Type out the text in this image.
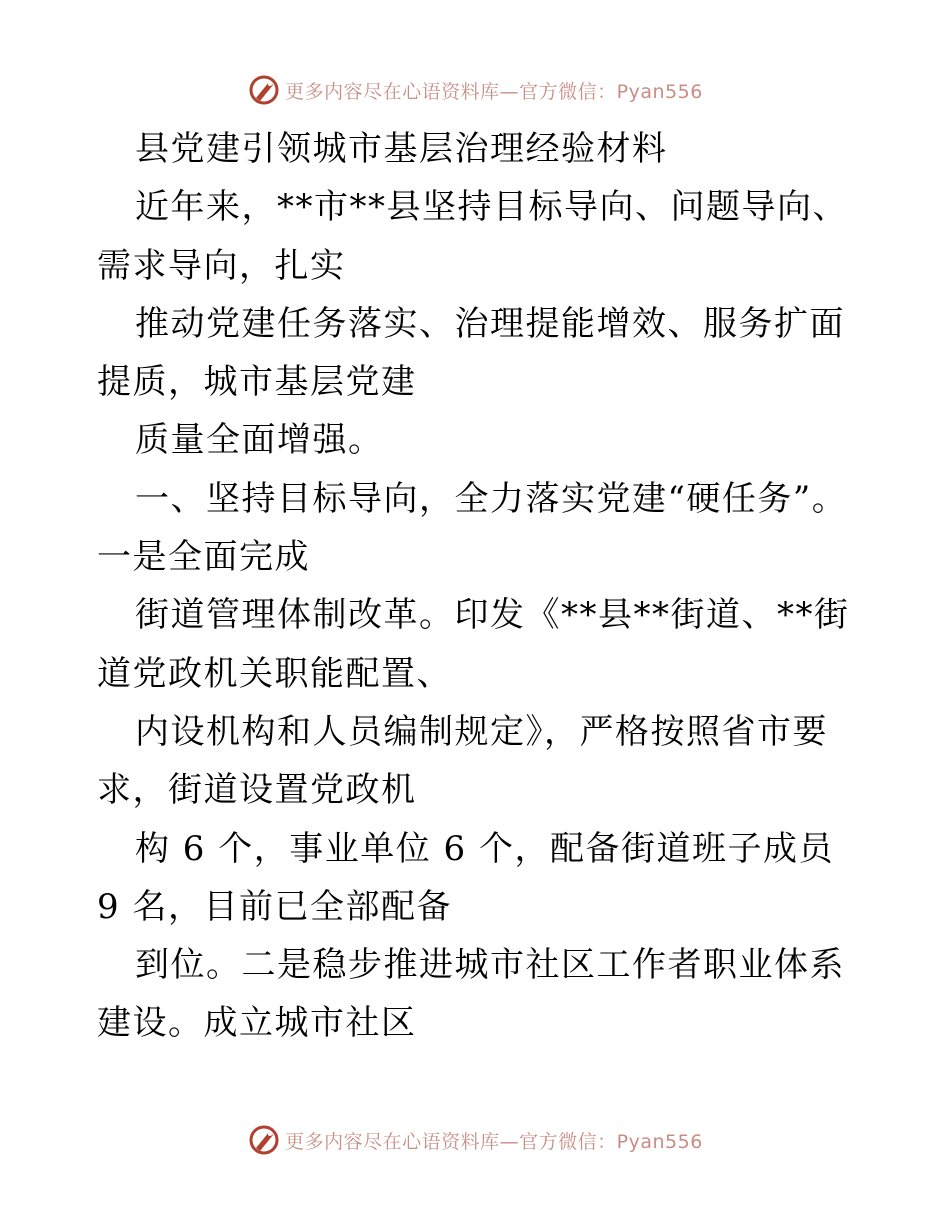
更多内容尽在心语资料库—官方微信：Pyan556

县党建引领城市基层治理经验材料

近年来，**市**县坚持目标导向、问题导向、需求导向，扎实

推动党建任务落实、治理提能增效、服务扩面提质，城市基层党建

质量全面增强。

一、坚持目标导向，全力落实党建“硬任务”。一是全面完成

街道管理体制改革。印发《**县**街道、**街道党政机关职能配置、

内设机构和人员编制规定》，严格按照省市要求，街道设置党政机

构 6 个，事业单位 6 个，配备街道班子成员 9 名，目前已全部配备

到位。二是稳步推进城市社区工作者职业体系建设。成立城市社区

更多内容尽在心语资料库—官方微信：Pyan556
